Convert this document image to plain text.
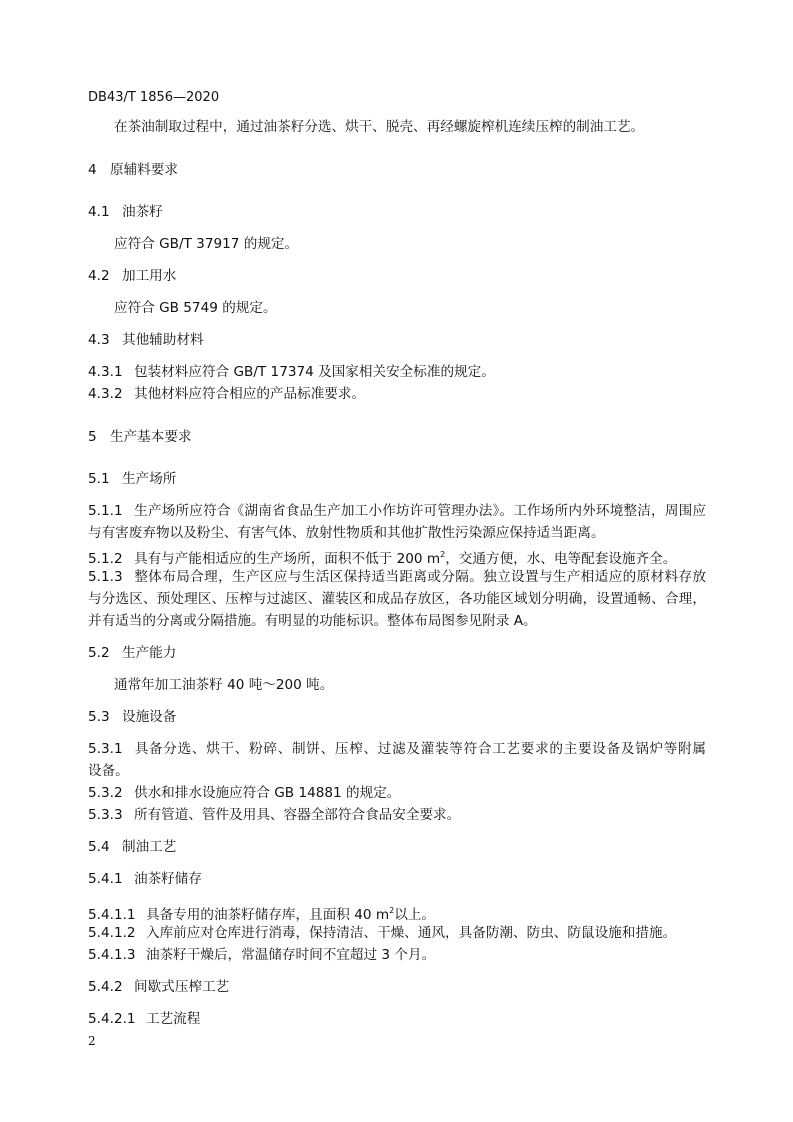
DB43/T 1856—2020
在茶油制取过程中，通过油茶籽分选、烘干、脱壳、再经螺旋榨机连续压榨的制油工艺。
4 原辅料要求
4.1 油茶籽
应符合 GB/T 37917 的规定。
4.2 加工用水
应符合 GB 5749 的规定。
4.3 其他辅助材料
4.3.1 包装材料应符合 GB/T 17374 及国家相关安全标准的规定。
4.3.2 其他材料应符合相应的产品标准要求。
5 生产基本要求
5.1 生产场所
5.1.1 生产场所应符合《湖南省食品生产加工小作坊许可管理办法》。工作场所内外环境整洁，周围应
与有害废弃物以及粉尘、有害气体、放射性物质和其他扩散性污染源应保持适当距离。
5.1.2 具有与产能相适应的生产场所，面积不低于 200 $m^2$，交通方便，水、电等配套设施齐全。
5.1.3 整体布局合理，生产区应与生活区保持适当距离或分隔。独立设置与生产相适应的原材料存放
与分选区、预处理区、压榨与过滤区、灌装区和成品存放区，各功能区域划分明确，设置通畅、合理，
并有适当的分离或分隔措施。有明显的功能标识。整体布局图参见附录 A。
5.2 生产能力
通常年加工油茶籽 40 吨～200 吨。
5.3 设施设备
5.3.1 具备分选、烘干、粉碎、制饼、压榨、过滤及灌装等符合工艺要求的主要设备及锅炉等附属
设备。
5.3.2 供水和排水设施应符合 GB 14881 的规定。
5.3.3 所有管道、管件及用具、容器全部符合食品安全要求。
5.4 制油工艺
5.4.1 油茶籽储存
5.4.1.1 具备专用的油茶籽储存库，且面积 40 $m^2$以上。
5.4.1.2 入库前应对仓库进行消毒，保持清洁、干燥、通风，具备防潮、防虫、防鼠设施和措施。
5.4.1.3 油茶籽干燥后，常温储存时间不宜超过 3 个月。
5.4.2 间歇式压榨工艺
5.4.2.1 工艺流程
2
